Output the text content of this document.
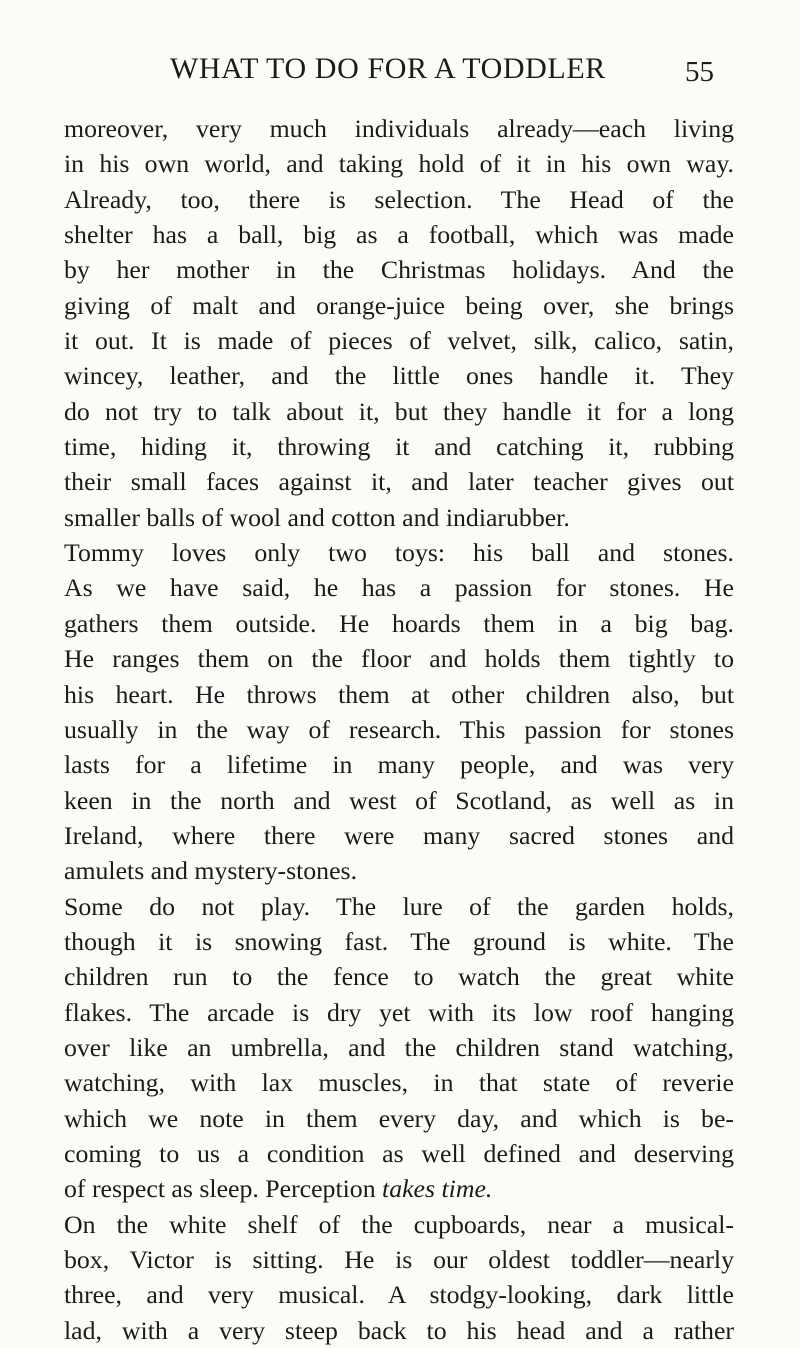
WHAT TO DO FOR A TODDLER	55
moreover, very much individuals already—each living
in his own world, and taking hold of it in his own way.
Already, too, there is selection. The Head of the
shelter has a ball, big as a football, which was made
by her mother in the Christmas holidays. And the
giving of malt and orange-juice being over, she brings
it out. It is made of pieces of velvet, silk, calico, satin,
wincey, leather, and the little ones handle it. They
do not try to talk about it, but they handle it for a long
time, hiding it, throwing it and catching it, rubbing
their small faces against it, and later teacher gives out
smaller balls of wool and cotton and indiarubber.
Tommy loves only two toys: his ball and stones.
As we have said, he has a passion for stones. He
gathers them outside. He hoards them in a big bag.
He ranges them on the floor and holds them tightly to
his heart. He throws them at other children also, but
usually in the way of research. This passion for stones
lasts for a lifetime in many people, and was very
keen in the north and west of Scotland, as well as in
Ireland, where there were many sacred stones and
amulets and mystery-stones.
Some do not play. The lure of the garden holds,
though it is snowing fast. The ground is white. The
children run to the fence to watch the great white
flakes. The arcade is dry yet with its low roof hanging
over like an umbrella, and the children stand watching,
watching, with lax muscles, in that state of reverie
which we note in them every day, and which is be-
coming to us a condition as well defined and deserving
of respect as sleep. Perception takes time.
On the white shelf of the cupboards, near a musical-
box, Victor is sitting. He is our oldest toddler—nearly
three, and very musical. A stodgy-looking, dark little
lad, with a very steep back to his head and a rather
